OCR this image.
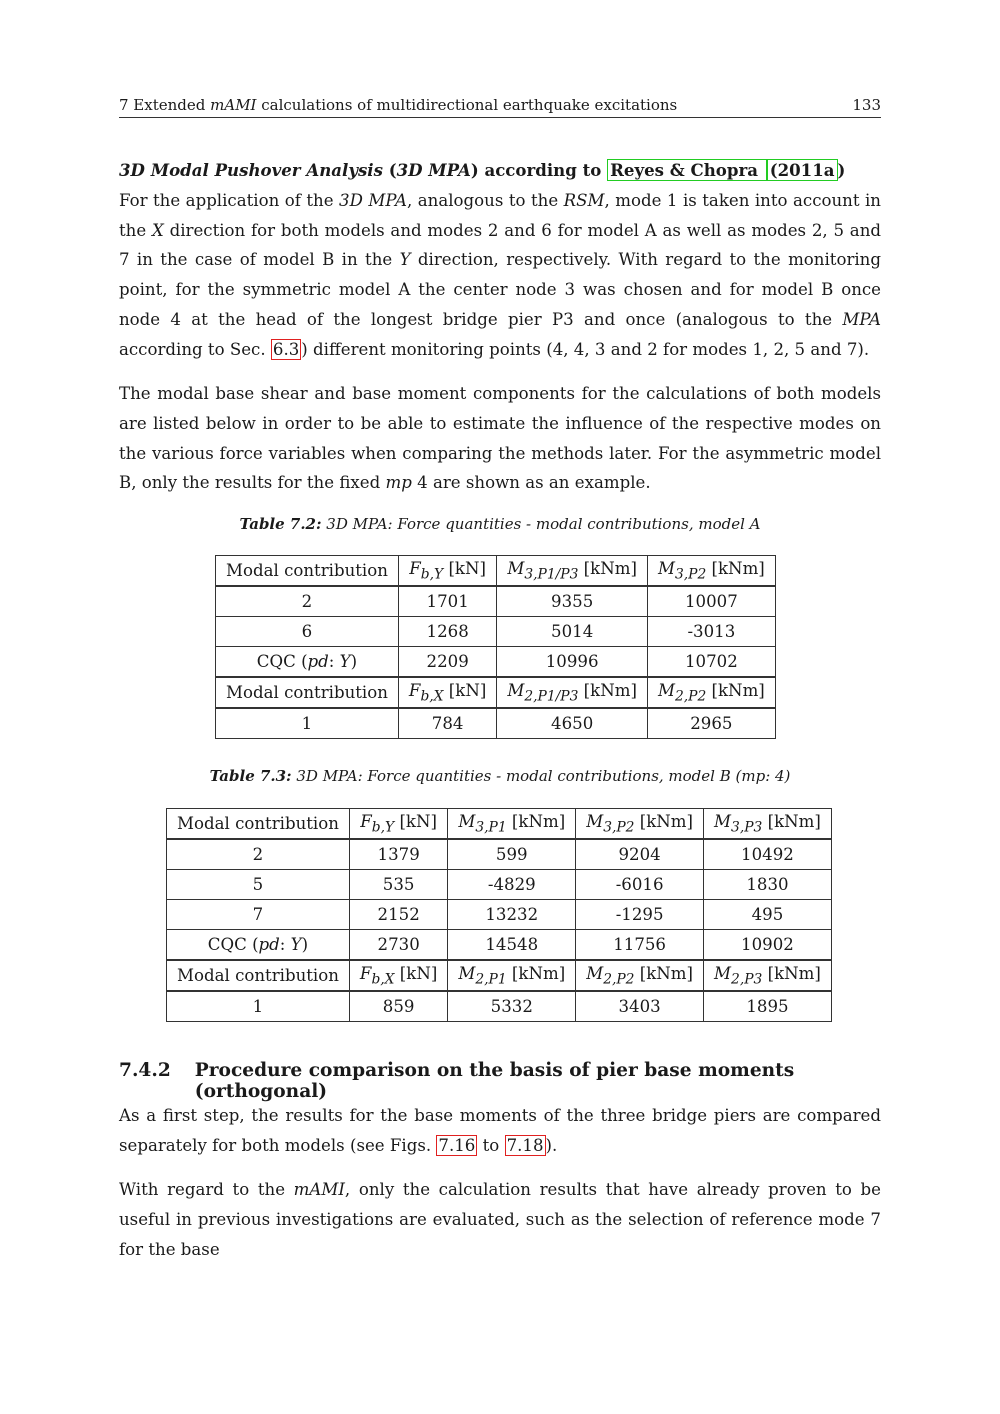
7 Extended mAMI calculations of multidirectional earthquake excitations	133

3D Modal Pushover Analysis (3D MPA) according to Reyes & Chopra (2011a )
For the application of the 3D MPA, analogous to the RSM, mode 1 is taken into account in the X direction for both models and modes 2 and 6 for model A as well as modes 2, 5 and 7 in the case of model B in the Y direction, respectively. With regard to the monitoring point, for the symmetric model A the center node 3 was chosen and for model B once node 4 at the head of the longest bridge pier P3 and once (analogous to the MPA according to Sec. 6.3 ) different monitoring points (4, 4, 3 and 2 for modes 1, 2, 5 and 7).

The modal base shear and base moment components for the calculations of both models are listed below in order to be able to estimate the influence of the respective modes on the various force variables when comparing the methods later. For the asymmetric model B, only the results for the fixed mp 4 are shown as an example.

Table 7.2: 3D MPA: Force quantities - modal contributions, model A
Modal contribution	$F_{b,Y}$ [kN]	$M_{3,P1/P3}$ [kNm]	$M_{3,P2}$ [kNm]
2	1701	9355	10007
6	1268	5014	-3013
CQC (pd: Y)	2209	10996	10702
Modal contribution	$F_{b,X}$ [kN]	$M_{2,P1/P3}$ [kNm]	$M_{2,P2}$ [kNm]
1	784	4650	2965
Table 7.3: 3D MPA: Force quantities - modal contributions, model B (mp: 4)
Modal contribution	$F_{b,Y}$ [kN]	$M_{3,P1}$ [kNm]	$M_{3,P2}$ [kNm]	$M_{3,P3}$ [kNm]
2	1379	599	9204	10492
5	535	-4829	-6016	1830
7	2152	13232	-1295	495
CQC (pd: Y)	2730	14548	11756	10902
Modal contribution	$F_{b,X}$ [kN]	$M_{2,P1}$ [kNm]	$M_{2,P2}$ [kNm]	$M_{2,P3}$ [kNm]
1	859	5332	3403	1895
7.4.2 Procedure comparison on the basis of pier base moments (orthogonal)

As a first step, the results for the base moments of the three bridge piers are compared separately for both models (see Figs. 7.16 to 7.18 ).

With regard to the mAMI, only the calculation results that have already proven to be useful in previous investigations are evaluated, such as the selection of reference mode 7 for the base
